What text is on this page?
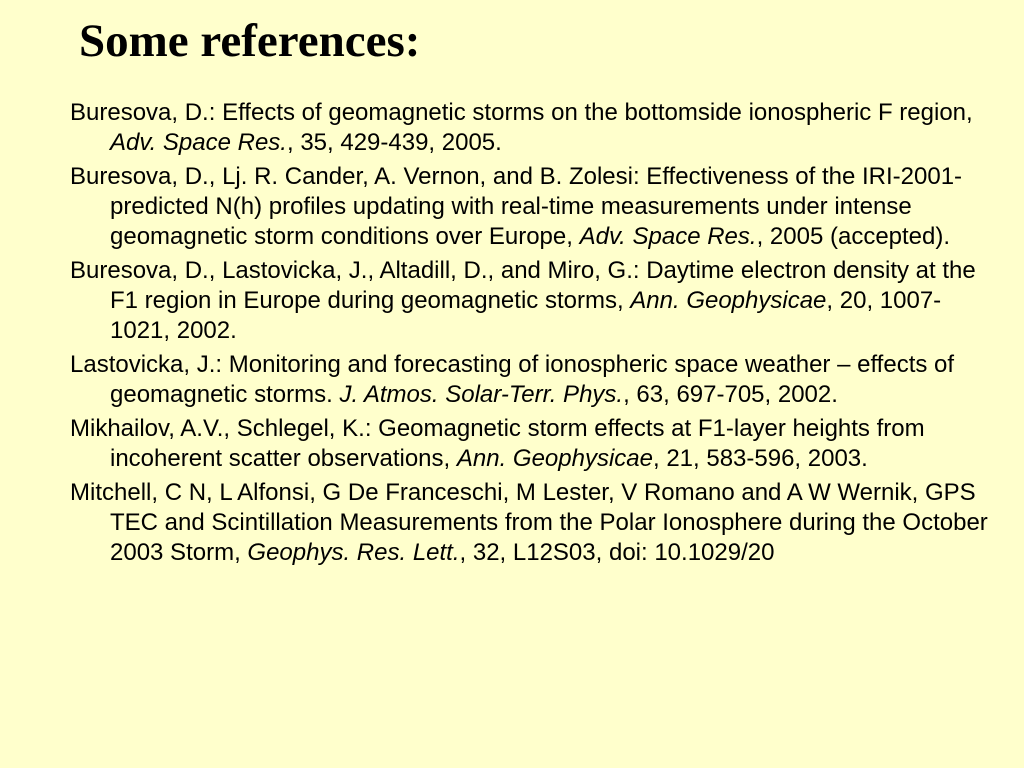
Some references:
Buresova, D.: Effects of geomagnetic storms on the bottomside ionospheric F region, Adv. Space Res., 35, 429-439, 2005.
Buresova, D., Lj. R. Cander, A. Vernon, and B. Zolesi: Effectiveness of the IRI-2001-predicted N(h) profiles updating with real-time measurements under intense geomagnetic storm conditions over Europe, Adv. Space Res., 2005 (accepted).
Buresova, D., Lastovicka, J., Altadill, D., and Miro, G.: Daytime electron density at the F1 region in Europe during geomagnetic storms, Ann. Geophysicae, 20, 1007-1021, 2002.
Lastovicka, J.: Monitoring and forecasting of ionospheric space weather – effects of geomagnetic storms. J. Atmos. Solar-Terr. Phys., 63, 697-705, 2002.
Mikhailov, A.V., Schlegel, K.: Geomagnetic storm effects at F1-layer heights from incoherent scatter observations, Ann. Geophysicae, 21, 583-596, 2003.
Mitchell, C N, L Alfonsi, G De Franceschi, M Lester, V Romano and A W Wernik, GPS TEC and Scintillation Measurements from the Polar Ionosphere during the October 2003 Storm, Geophys. Res. Lett., 32, L12S03, doi: 10.1029/20
